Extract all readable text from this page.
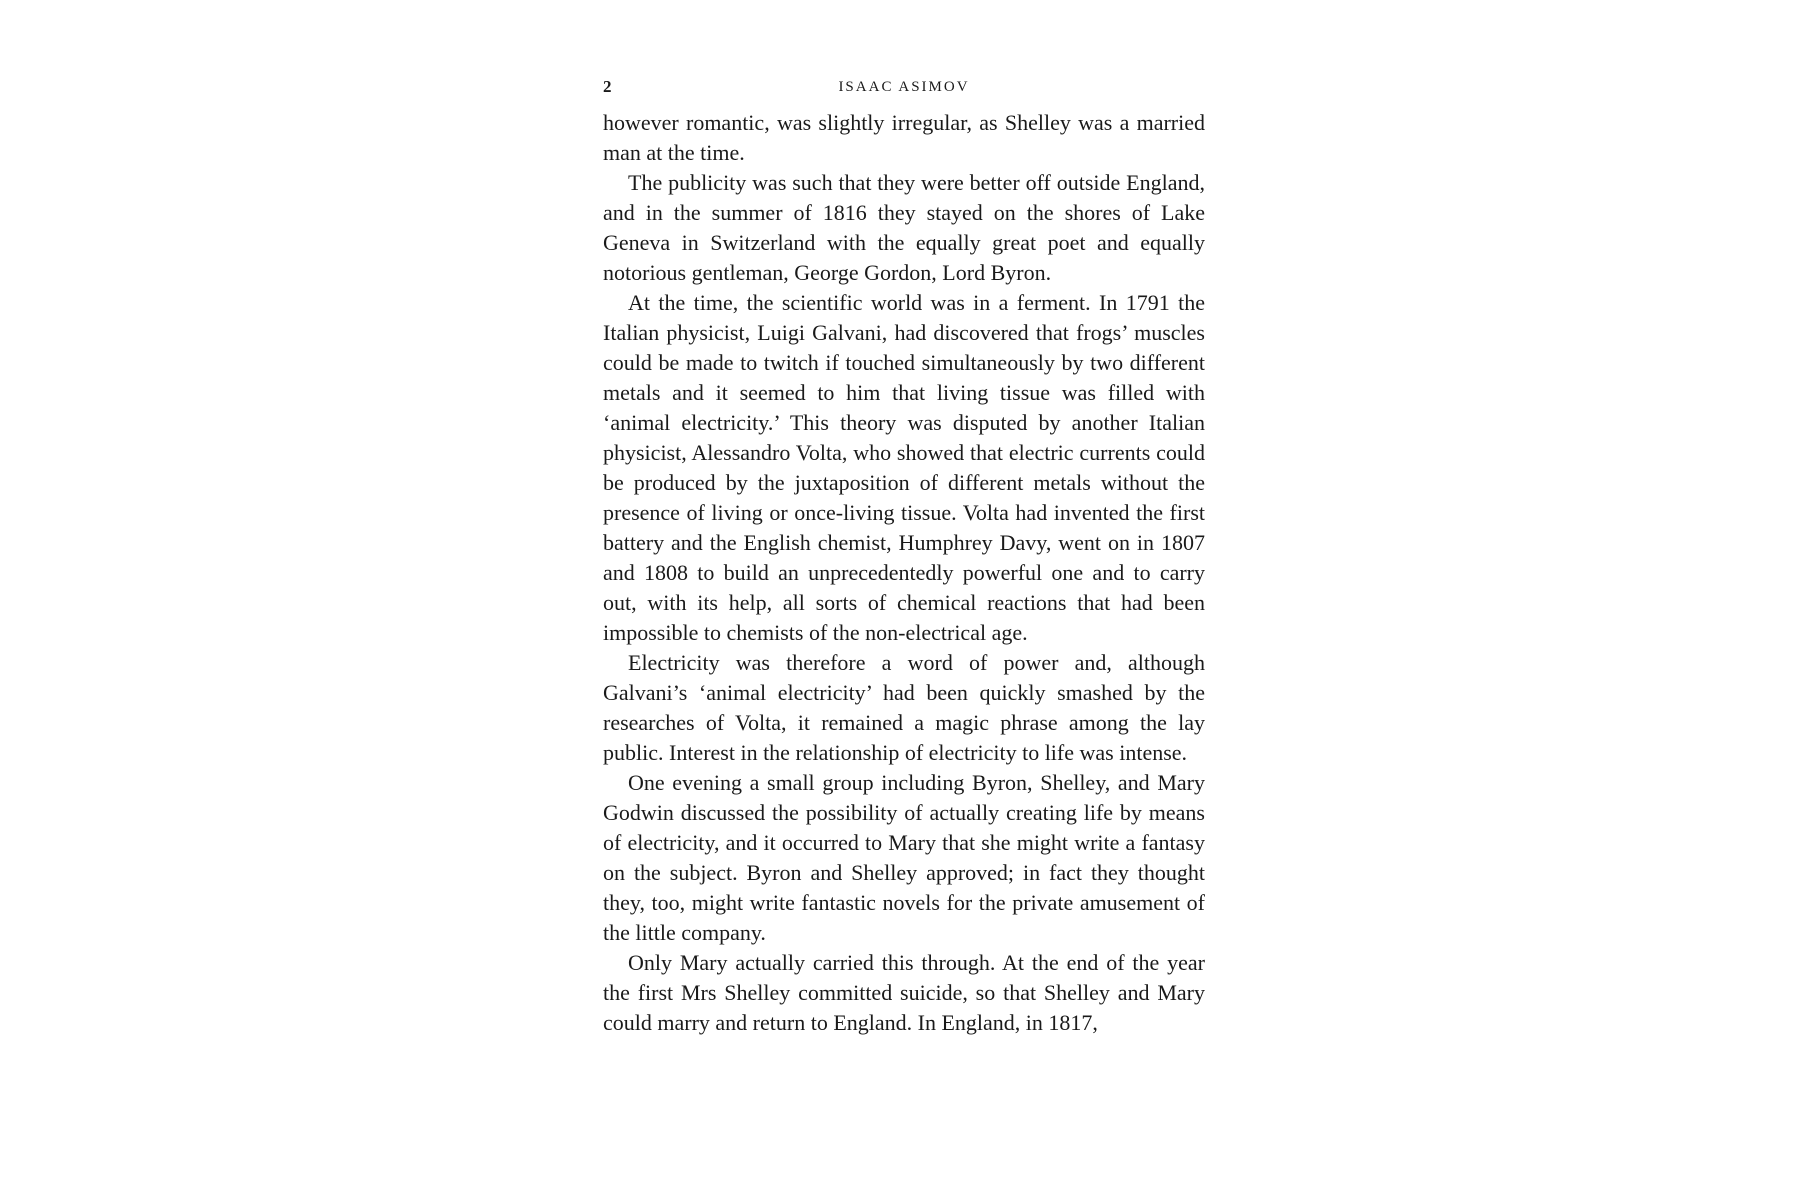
2	ISAAC ASIMOV

however romantic, was slightly irregular, as Shelley was a married man at the time.

The publicity was such that they were better off outside England, and in the summer of 1816 they stayed on the shores of Lake Geneva in Switzerland with the equally great poet and equally notorious gentleman, George Gordon, Lord Byron.

At the time, the scientific world was in a ferment. In 1791 the Italian physicist, Luigi Galvani, had discovered that frogs’ muscles could be made to twitch if touched simultaneously by two different metals and it seemed to him that living tissue was filled with ‘animal electricity.’ This theory was disputed by another Italian physicist, Alessandro Volta, who showed that electric currents could be produced by the juxtaposition of different metals without the presence of living or once-living tissue. Volta had invented the first battery and the English chemist, Humphrey Davy, went on in 1807 and 1808 to build an unprecedentedly powerful one and to carry out, with its help, all sorts of chemical reactions that had been impossible to chemists of the non-electrical age.

Electricity was therefore a word of power and, although Galvani’s ‘animal electricity’ had been quickly smashed by the researches of Volta, it remained a magic phrase among the lay public. Interest in the relationship of electricity to life was intense.

One evening a small group including Byron, Shelley, and Mary Godwin discussed the possibility of actually creating life by means of electricity, and it occurred to Mary that she might write a fantasy on the subject. Byron and Shelley approved; in fact they thought they, too, might write fantastic novels for the private amusement of the little company.

Only Mary actually carried this through. At the end of the year the first Mrs Shelley committed suicide, so that Shelley and Mary could marry and return to England. In England, in 1817,
